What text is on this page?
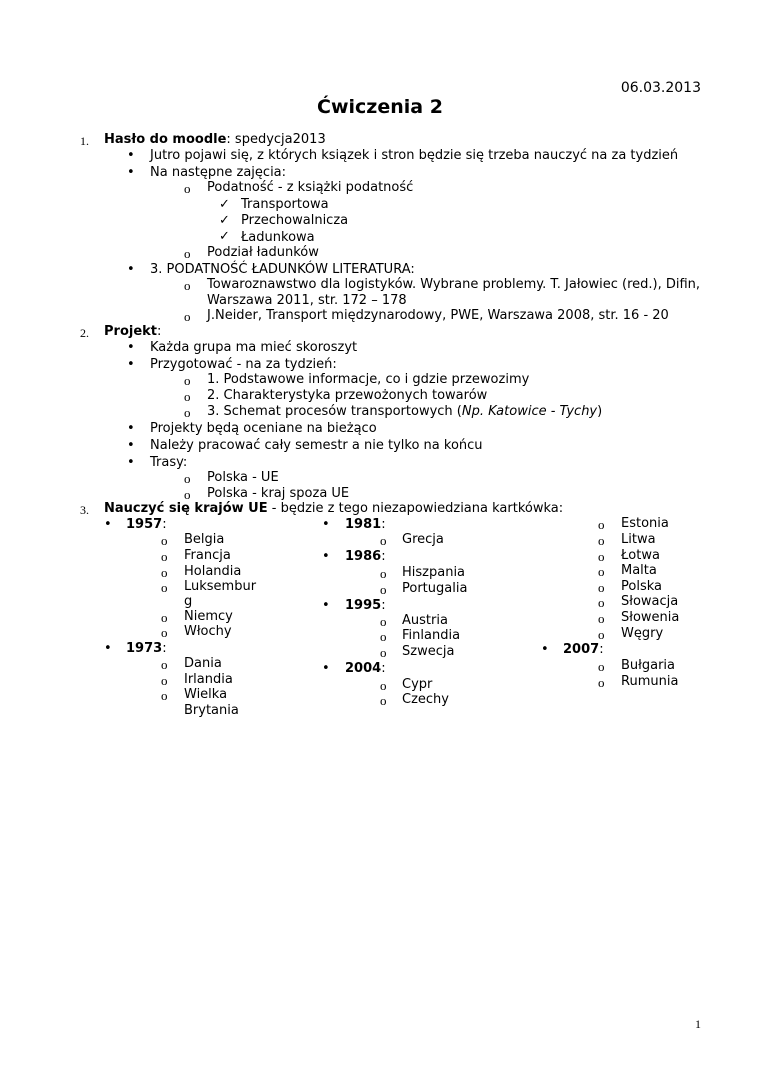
06.03.2013
Ćwiczenia 2
1. Hasło do moodle: spedycja2013
• Jutro pojawi się, z których ksiązek i stron będzie się trzeba nauczyć na za tydzień
• Na następne zajęcia:
o Podatność - z książki podatność
✓ Transportowa
✓ Przechowalnicza
✓ Ładunkowa
o Podział ładunków
• 3. PODATNOŚĆ ŁADUNKÓW LITERATURA:
o Towaroznawstwo dla logistyków. Wybrane problemy. T. Jałowiec (red.), Difin,
Warszawa 2011, str. 172 – 178
o J.Neider, Transport międzynarodowy, PWE, Warszawa 2008, str. 16 - 20
2. Projekt:
• Każda grupa ma mieć skoroszyt
• Przygotować - na za tydzień:
o 1. Podstawowe informacje, co i gdzie przewozimy
o 2. Charakterystyka przewożonych towarów
o 3. Schemat procesów transportowych (Np. Katowice - Tychy)
• Projekty będą oceniane na bieżąco
• Należy pracować cały semestr a nie tylko na końcu
• Trasy:
o Polska - UE
o Polska - kraj spoza UE
3. Nauczyć się krajów UE - będzie z tego niezapowiedziana kartkówka:
• 1957:
o Belgia
o Francja
o Holandia
o Luksembur
g
o Niemcy
o Włochy
• 1973:
o Dania
o Irlandia
o Wielka
Brytania
• 1981:
o Grecja
• 1986:
o Hiszpania
o Portugalia
• 1995:
o Austria
o Finlandia
o Szwecja
• 2004:
o Cypr
o Czechy
o Estonia
o Litwa
o Łotwa
o Malta
o Polska
o Słowacja
o Słowenia
o Węgry
• 2007:
o Bułgaria
o Rumunia
1
